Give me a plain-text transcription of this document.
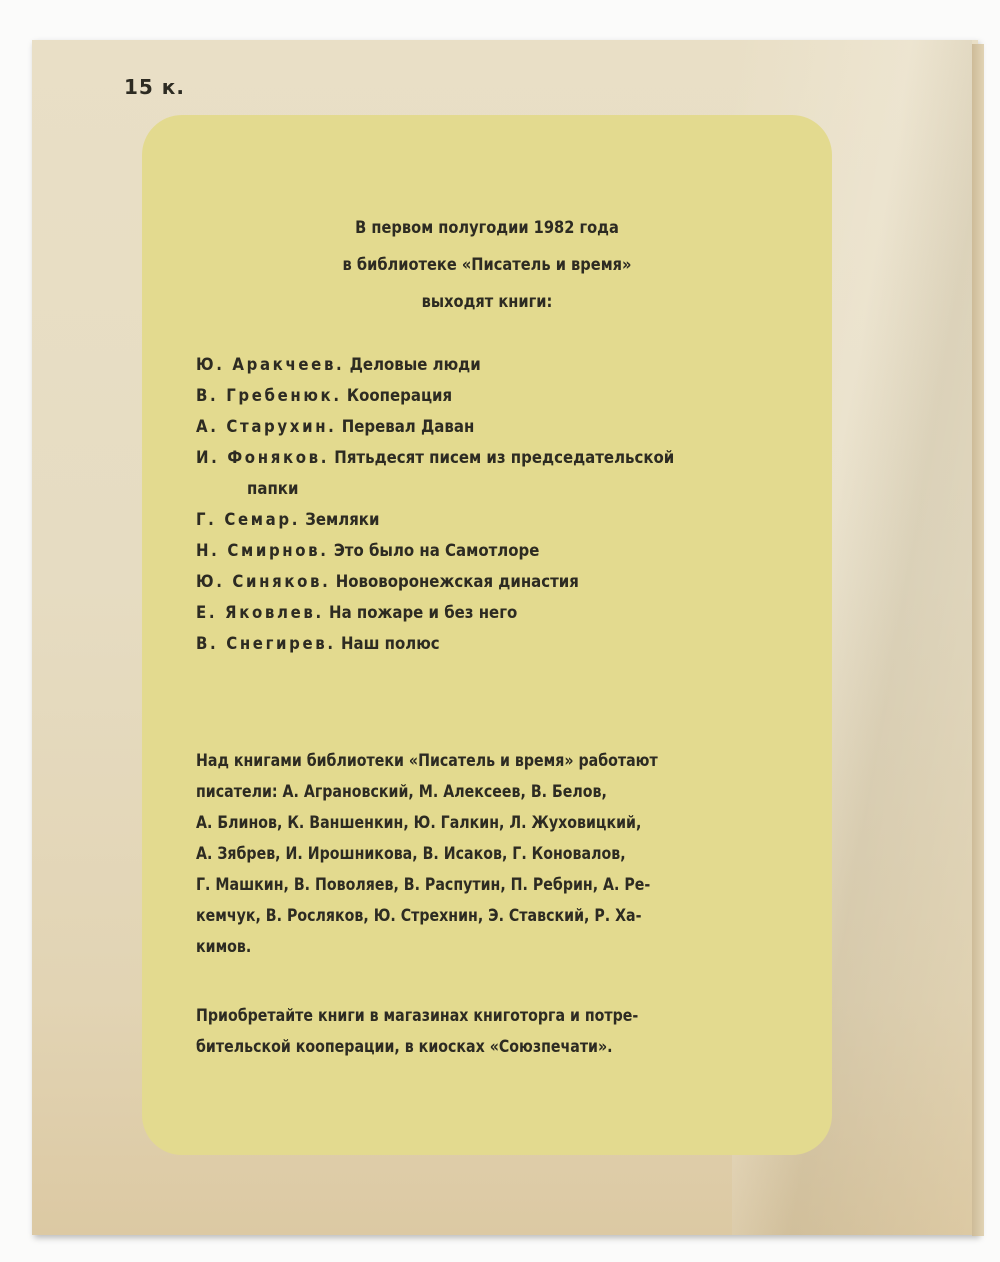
15 к.
В первом полугодии 1982 года
в библиотеке «Писатель и время»
выходят книги:
Ю. Аракчеев. Деловые люди
В. Гребенюк. Кооперация
А. Старухин. Перевал Даван
И. Фоняков. Пятьдесят писем из председательской
папки
Г. Семар. Земляки
Н. Смирнов. Это было на Самотлоре
Ю. Синяков. Нововоронежская династия
Е. Яковлев. На пожаре и без него
В. Снегирев. Наш полюс
Над книгами библиотеки «Писатель и время» работают
писатели: А. Аграновский, М. Алексеев, В. Белов,
А. Блинов, К. Ваншенкин, Ю. Галкин, Л. Жуховицкий,
А. Зябрев, И. Ирошникова, В. Исаков, Г. Коновалов,
Г. Машкин, В. Поволяев, В. Распутин, П. Ребрин, А. Ре-
кемчук, В. Росляков, Ю. Стрехнин, Э. Ставский, Р. Ха-
кимов.
Приобретайте книги в магазинах книготорга и потре-
бительской кооперации, в киосках «Союзпечати».
